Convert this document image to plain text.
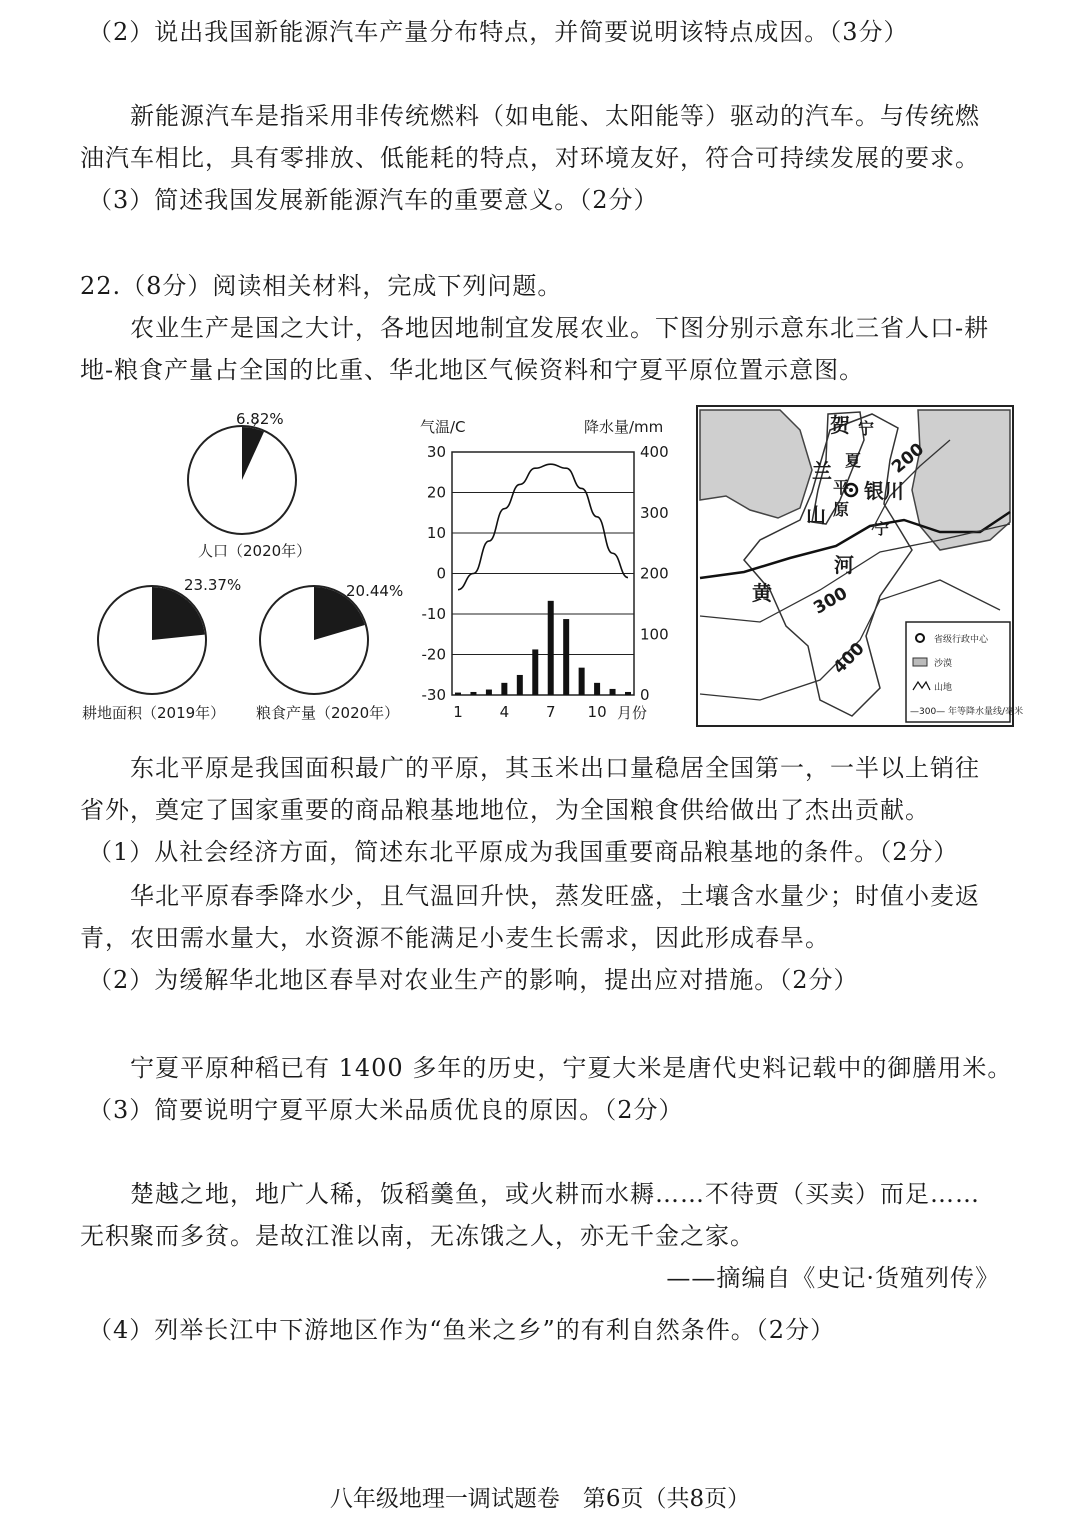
（2）说出我国新能源汽车产量分布特点，并简要说明该特点成因。（3分）
新能源汽车是指采用非传统燃料（如电能、太阳能等）驱动的汽车。与传统燃
油汽车相比，具有零排放、低能耗的特点，对环境友好，符合可持续发展的要求。
（3）简述我国发展新能源汽车的重要意义。（2分）
22.（8分）阅读相关材料，完成下列问题。
农业生产是国之大计，各地因地制宜发展农业。下图分别示意东北三省人口-耕
地-粮食产量占全国的比重、华北地区气候资料和宁夏平原位置示意图。
6.82%
人口（2020年）
23.37%
耕地面积（2019年）
20.44%
粮食产量（2020年）
气温/C	降水量/mm
30
20
10
0
-10
-20
-30
400
300
200
100
0
1 4 7 10 月份
贺
兰
山
宁
夏
平
原
银川
宁
河
黄
200
300
400	省级行政中心
沙漠
山地
—300— 年等降水量线/毫米
东北平原是我国面积最广的平原，其玉米出口量稳居全国第一，一半以上销往
省外，奠定了国家重要的商品粮基地地位，为全国粮食供给做出了杰出贡献。
（1）从社会经济方面，简述东北平原成为我国重要商品粮基地的条件。（2分）
华北平原春季降水少，且气温回升快，蒸发旺盛，土壤含水量少；时值小麦返
青，农田需水量大，水资源不能满足小麦生长需求，因此形成春旱。
（2）为缓解华北地区春旱对农业生产的影响，提出应对措施。（2分）
宁夏平原种稻已有 1400 多年的历史，宁夏大米是唐代史料记载中的御膳用米。
（3）简要说明宁夏平原大米品质优良的原因。（2分）
楚越之地，地广人稀，饭稻羹鱼，或火耕而水耨……不待贾（买卖）而足……
无积聚而多贫。是故江淮以南，无冻饿之人，亦无千金之家。
——摘编自《史记·货殖列传》
（4）列举长江中下游地区作为“鱼米之乡”的有利自然条件。（2分）
八年级地理一调试题卷　第6页（共8页）
